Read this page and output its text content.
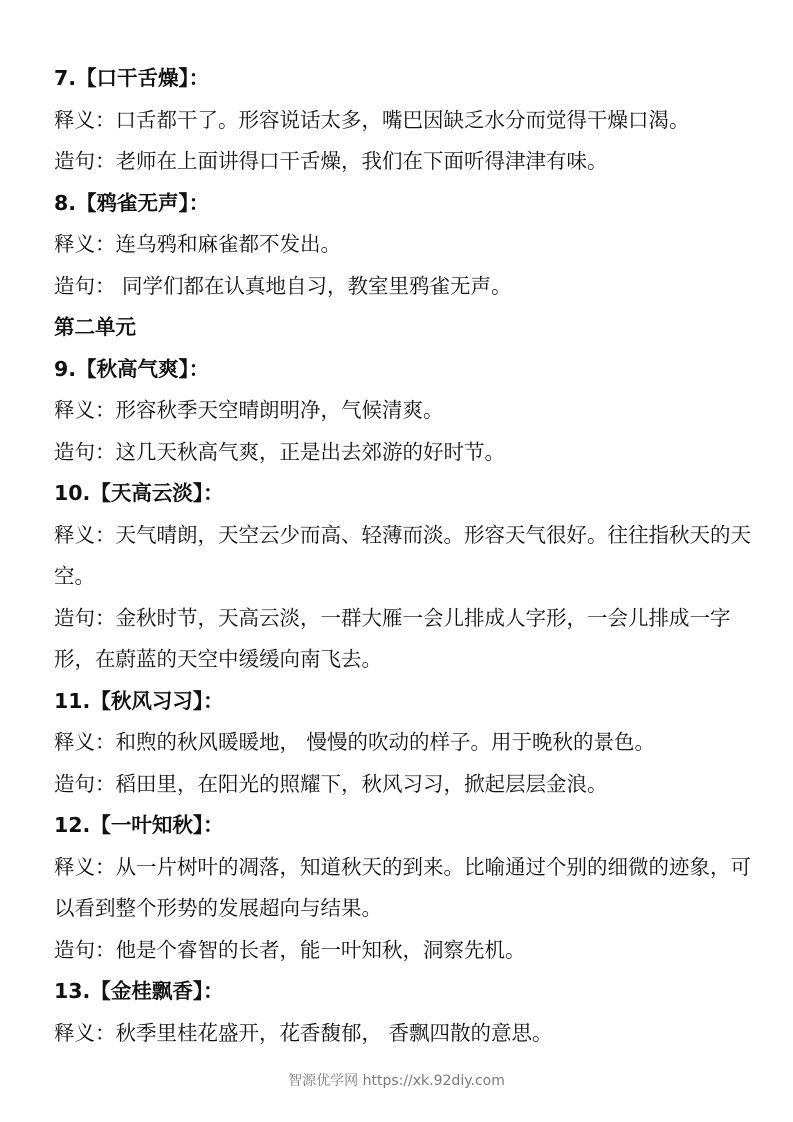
7.【口干舌燥】：
释义：口舌都干了。形容说话太多，嘴巴因缺乏水分而觉得干燥口渴。
造句：老师在上面讲得口干舌燥，我们在下面听得津津有味。
8.【鸦雀无声】：
释义：连乌鸦和麻雀都不发出。
造句： 同学们都在认真地自习，教室里鸦雀无声。
第二单元
9.【秋高气爽】：
释义：形容秋季天空晴朗明净，气候清爽。
造句：这几天秋高气爽，正是出去郊游的好时节。
10.【天高云淡】：
释义：天气晴朗，天空云少而高、轻薄而淡。形容天气很好。往往指秋天的天空。
造句：金秋时节，天高云淡，一群大雁一会儿排成人字形，一会儿排成一字形，在蔚蓝的天空中缓缓向南飞去。
11.【秋风习习】：
释义：和煦的秋风暖暖地， 慢慢的吹动的样子。用于晚秋的景色。
造句：稻田里，在阳光的照耀下，秋风习习，掀起层层金浪。
12.【一叶知秋】：
释义：从一片树叶的凋落，知道秋天的到来。比喻通过个别的细微的迹象，可以看到整个形势的发展超向与结果。
造句：他是个睿智的长者，能一叶知秋，洞察先机。
13.【金桂飘香】：
释义：秋季里桂花盛开，花香馥郁， 香飘四散的意思。
智源优学网 https://xk.92diy.com
